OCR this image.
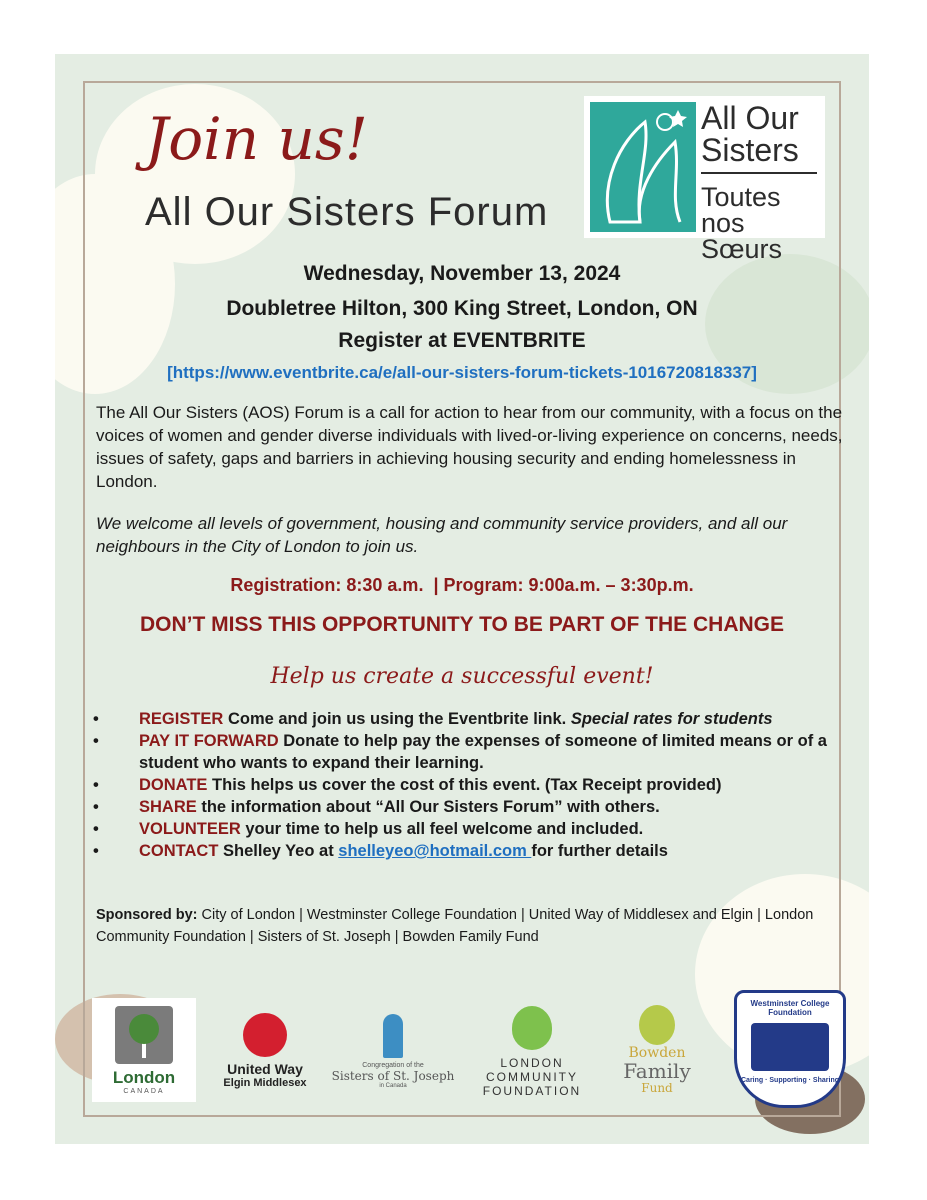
Join us!
All Our Sisters Forum
All Our
Sisters
Toutes nos
Sœurs
Wednesday, November 13, 2024
Doubletree Hilton, 300 King Street, London, ON
Register at EVENTBRITE
[https://www.eventbrite.ca/e/all-our-sisters-forum-tickets-1016720818337]
The All Our Sisters (AOS) Forum is a call for action to hear from our community, with a focus on the voices of women and gender diverse individuals with lived-or-living experience on concerns, needs, issues of safety, gaps and barriers in achieving housing security and ending homelessness in London.
We welcome all levels of government, housing and community service providers, and all our neighbours in the City of London to join us.
Registration: 8:30 a.m.  | Program: 9:00a.m. – 3:30p.m.
DON’T MISS THIS OPPORTUNITY TO BE PART OF THE CHANGE
Help us create a successful event!
• REGISTER Come and join us using the Eventbrite link. Special rates for students
• PAY IT FORWARD Donate to help pay the expenses of someone of limited means or of a student who wants to expand their learning.
• DONATE This helps us cover the cost of this event. (Tax Receipt provided)
• SHARE the information about “All Our Sisters Forum” with others.
• VOLUNTEER your time to help us all feel welcome and included.
• CONTACT Shelley Yeo at shelleyeo@hotmail.com for further details
Sponsored by: City of London | Westminster College Foundation | United Way of Middlesex and Elgin | London Community Foundation | Sisters of St. Joseph | Bowden Family Fund
London
CANADA
United Way
Elgin Middlesex
Congregation of the
Sisters of St. Joseph
in Canada
LONDON
COMMUNITY
FOUNDATION
Bowden
Family
Fund
Westminster College Foundation
Caring · Supporting · Sharing
